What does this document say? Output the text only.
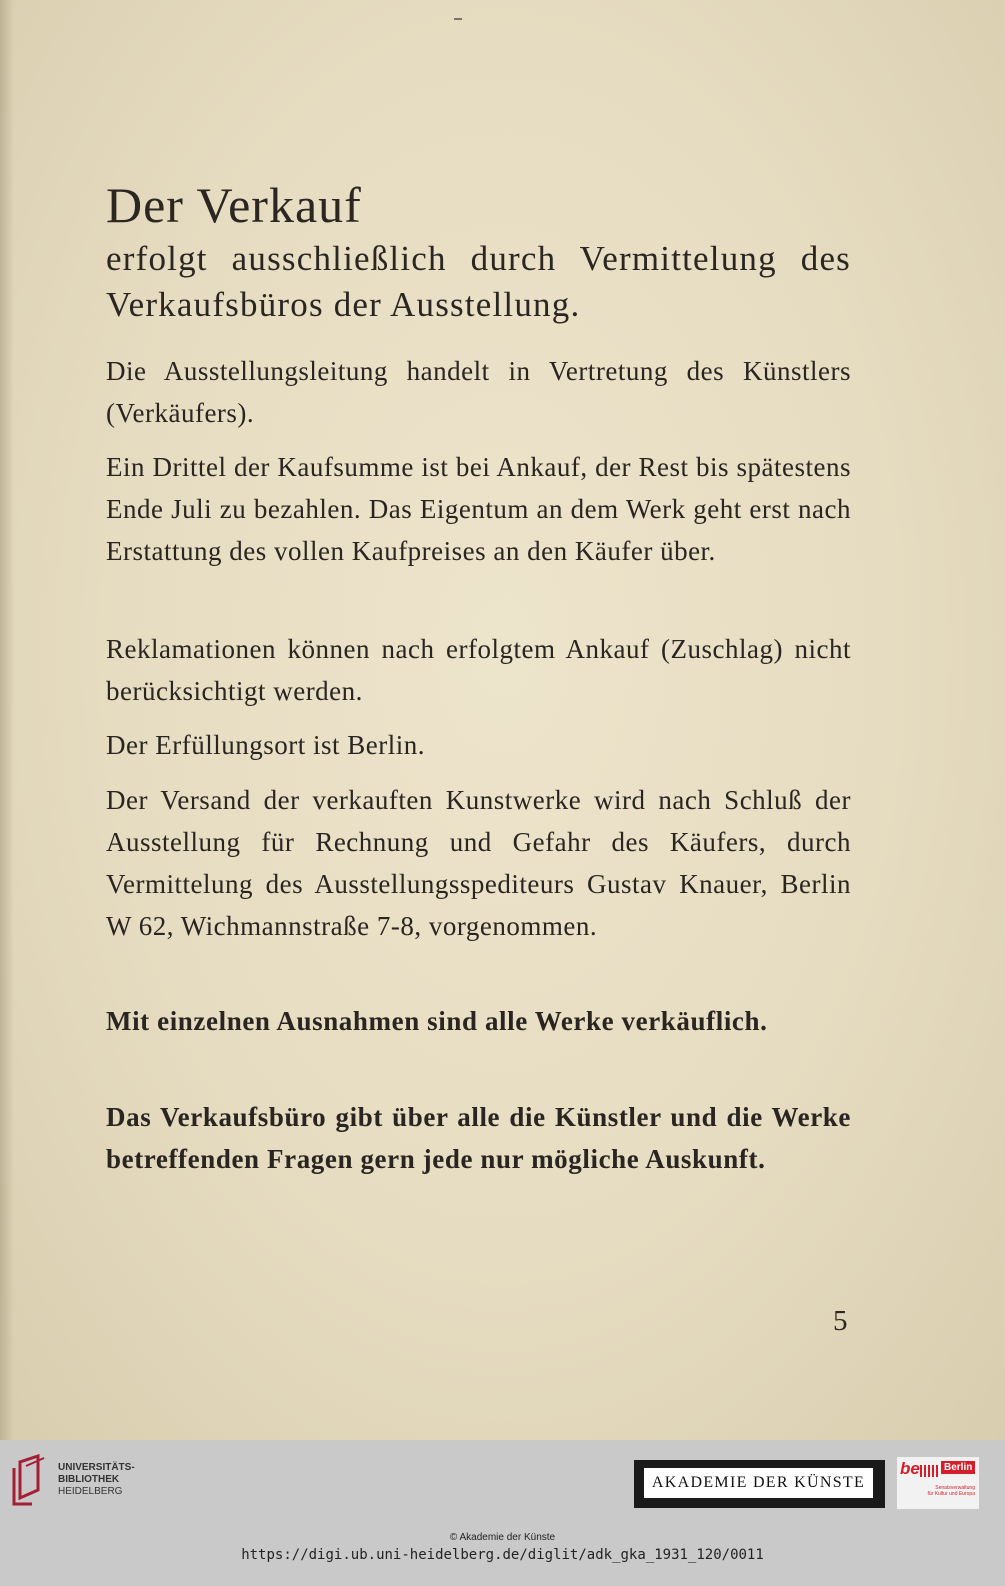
Der Verkauf

erfolgt ausschließlich durch Vermittelung des Verkaufsbüros der Ausstellung.

Die Ausstellungsleitung handelt in Vertretung des Künstlers (Verkäufers).

Ein Drittel der Kaufsumme ist bei Ankauf, der Rest bis spätestens Ende Juli zu bezahlen. Das Eigentum an dem Werk geht erst nach Erstattung des vollen Kaufpreises an den Käufer über.

Reklamationen können nach erfolgtem Ankauf (Zuschlag) nicht berücksichtigt werden.

Der Erfüllungsort ist Berlin.

Der Versand der verkauften Kunstwerke wird nach Schluß der Ausstellung für Rechnung und Gefahr des Käufers, durch Vermittelung des Ausstellungsspediteurs Gustav Knauer, Berlin W 62, Wichmannstraße 7-8, vorgenommen.

Mit einzelnen Ausnahmen sind alle Werke verkäuflich.

Das Verkaufsbüro gibt über alle die Künstler und die Werke betreffenden Fragen gern jede nur mögliche Auskunft.

5
UNIVERSITÄTS-
BIBLIOTHEK
HEIDELBERG
AKADEMIE DER KÜNSTE
be	Berlin
Senatsverwaltung
für Kultur und Europa
© Akademie der Künste
https://digi.ub.uni-heidelberg.de/diglit/adk_gka_1931_120/0011
